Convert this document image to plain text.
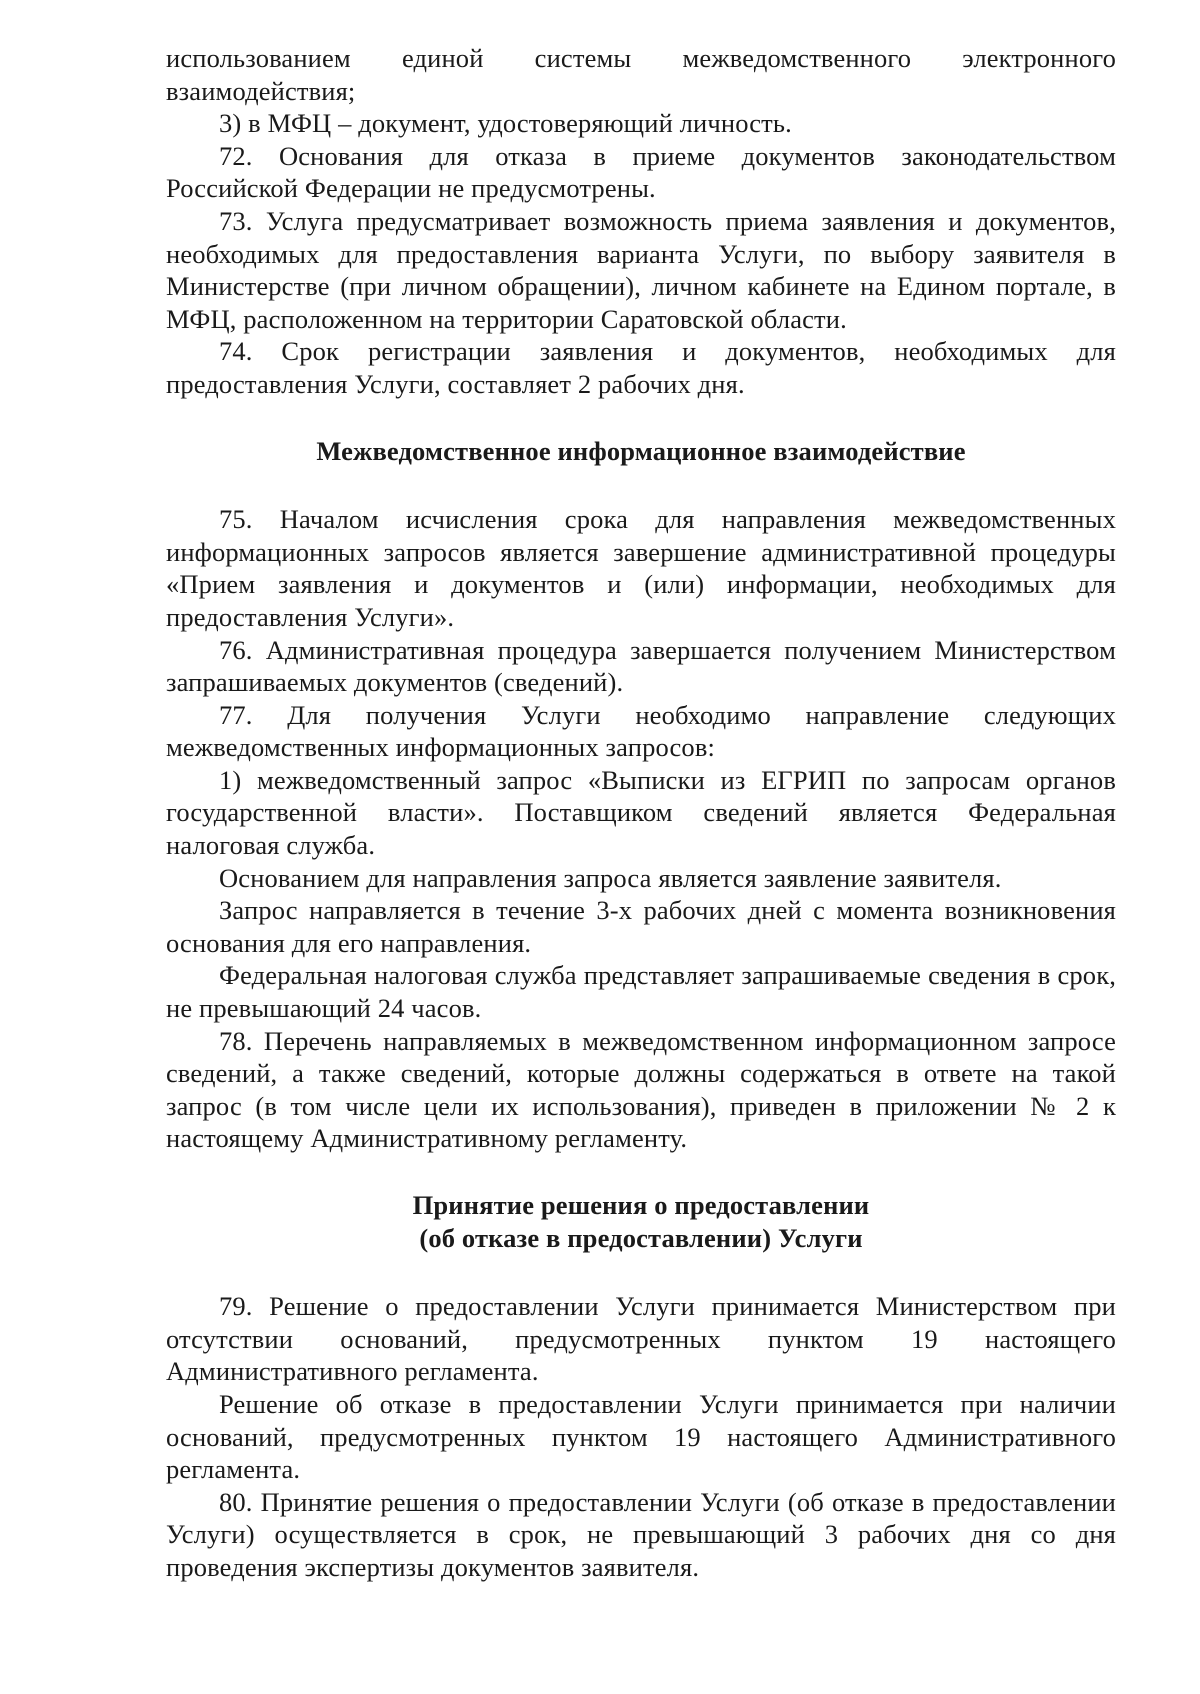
использованием единой системы межведомственного электронного взаимодействия;

3) в МФЦ – документ, удостоверяющий личность.

72. Основания для отказа в приеме документов законодательством Российской Федерации не предусмотрены.

73. Услуга предусматривает возможность приема заявления и документов, необходимых для предоставления варианта Услуги, по выбору заявителя в Министерстве (при личном обращении), личном кабинете на Едином портале, в МФЦ, расположенном на территории Саратовской области.

74. Срок регистрации заявления и документов, необходимых для предоставления Услуги, составляет 2 рабочих дня.

Межведомственное информационное взаимодействие

75. Началом исчисления срока для направления межведомственных информационных запросов является завершение административной процедуры «Прием заявления и документов и (или) информации, необходимых для предоставления Услуги».

76. Административная процедура завершается получением Министерством запрашиваемых документов (сведений).

77. Для получения Услуги необходимо направление следующих межведомственных информационных запросов:

1) межведомственный запрос «Выписки из ЕГРИП по запросам органов государственной власти». Поставщиком сведений является Федеральная налоговая служба.

Основанием для направления запроса является заявление заявителя.

Запрос направляется в течение 3-х рабочих дней с момента возникновения основания для его направления.

Федеральная налоговая служба представляет запрашиваемые сведения в срок, не превышающий 24 часов.

78. Перечень направляемых в межведомственном информационном запросе сведений, а также сведений, которые должны содержаться в ответе на такой запрос (в том числе цели их использования), приведен в приложении № 2 к настоящему Административному регламенту.

Принятие решения о предоставлении
(об отказе в предоставлении) Услуги

79. Решение о предоставлении Услуги принимается Министерством при отсутствии оснований, предусмотренных пунктом 19 настоящего Административного регламента.

Решение об отказе в предоставлении Услуги принимается при наличии оснований, предусмотренных пунктом 19 настоящего Административного регламента.

80. Принятие решения о предоставлении Услуги (об отказе в предоставлении Услуги) осуществляется в срок, не превышающий 3 рабочих дня со дня проведения экспертизы документов заявителя.
